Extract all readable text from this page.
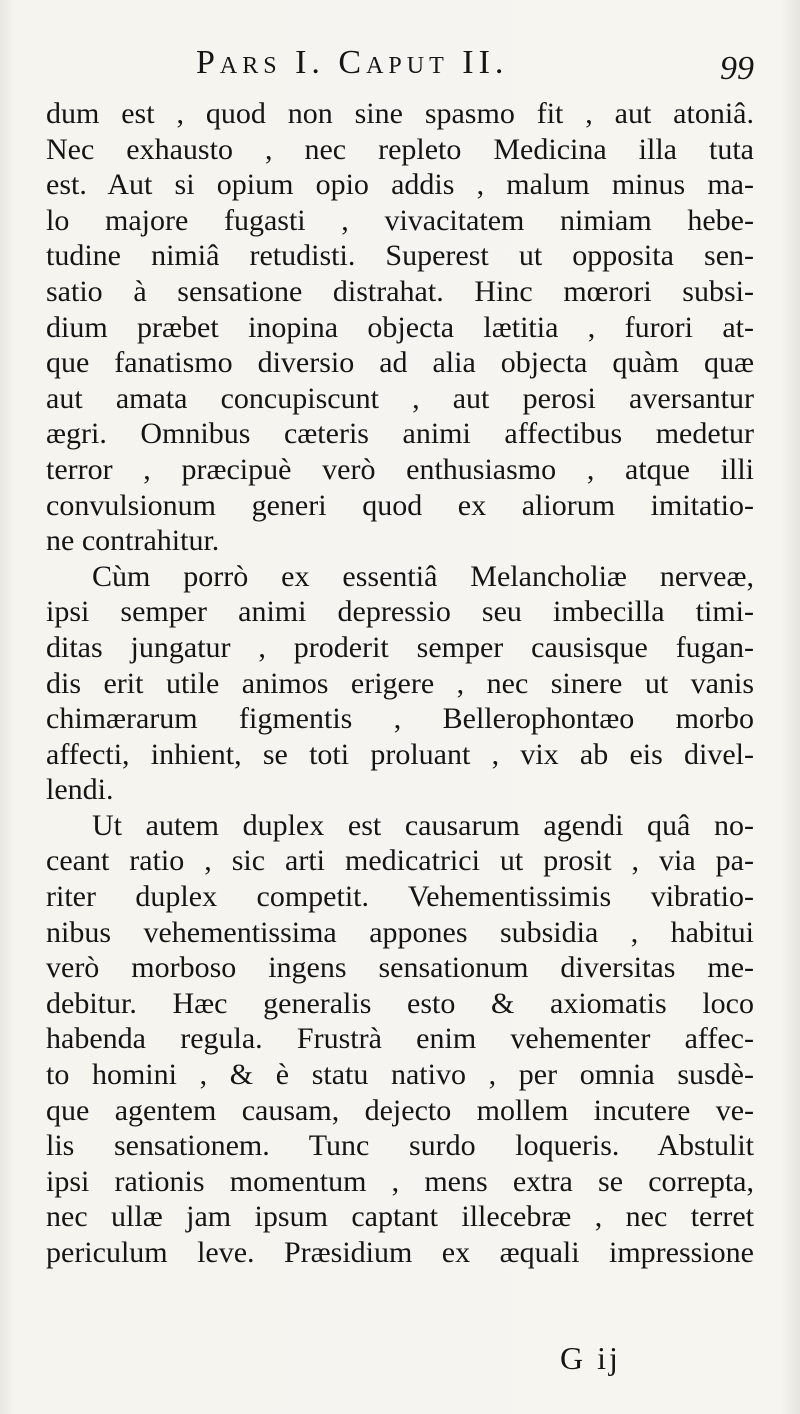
Pars I. Caput II.	99
dum est , quod non sine spasmo fit , aut atoniâ.
Nec exhausto , nec repleto Medicina illa tuta
est. Aut si opium opio addis , malum minus ma-
lo majore fugasti , vivacitatem nimiam hebe-
tudine nimiâ retudisti. Superest ut opposita sen-
satio à sensatione distrahat. Hinc mœrori subsi-
dium præbet inopina objecta lætitia , furori at-
que fanatismo diversio ad alia objecta quàm quæ
aut amata concupiscunt , aut perosi aversantur
ægri. Omnibus cæteris animi affectibus medetur
terror , præcipuè verò enthusiasmo , atque illi
convulsionum generi quod ex aliorum imitatio-
ne contrahitur.
Cùm porrò ex essentiâ Melancholiæ nerveæ,
ipsi semper animi depressio seu imbecilla timi-
ditas jungatur , proderit semper causisque fugan-
dis erit utile animos erigere , nec sinere ut vanis
chimærarum figmentis , Bellerophontæo morbo
affecti, inhient, se toti proluant , vix ab eis divel-
lendi.
Ut autem duplex est causarum agendi quâ no-
ceant ratio , sic arti medicatrici ut prosit , via pa-
riter duplex competit. Vehementissimis vibratio-
nibus vehementissima appones subsidia , habitui
verò morboso ingens sensationum diversitas me-
debitur. Hæc generalis esto & axiomatis loco
habenda regula. Frustrà enim vehementer affec-
to homini , & è statu nativo , per omnia susdè-
que agentem causam, dejecto mollem incutere ve-
lis sensationem. Tunc surdo loqueris. Abstulit
ipsi rationis momentum , mens extra se correpta,
nec ullæ jam ipsum captant illecebræ , nec terret
periculum leve. Præsidium ex æquali impressione
G ij
